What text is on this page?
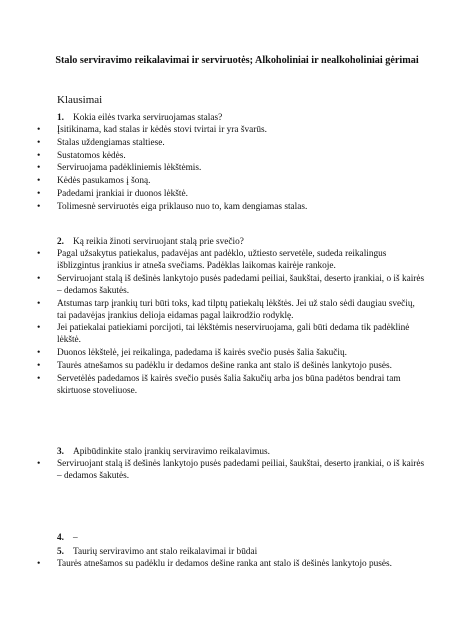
Stalo serviravimo reikalavimai ir serviruotės; Alkoholiniai ir nealkoholiniai gėrimai
Klausimai
1. Kokia eilės tvarka serviruojamas stalas?
• Įsitikinama, kad stalas ir kėdės stovi tvirtai ir yra švarūs.
• Stalas uždengiamas staltiese.
• Sustatomos kėdės.
• Serviruojama padėkliniemis lėkštėmis.
• Kėdės pasukamos į šoną.
• Padedami įrankiai ir duonos lėkštė.
• Tolimesnė serviruotės eiga priklauso nuo to, kam dengiamas stalas.
2. Ką reikia žinoti serviruojant stalą prie svečio?
• Pagal užsakytus patiekalus, padavėjas ant padėklo, užtiesto servetėle, sudeda reikalingus išblizgintus įrankius ir atneša svečiams. Padėklas laikomas kairėje rankoje.
• Serviruojant stalą iš dešinės lankytojo pusės padedami peiliai, šaukštai, deserto įrankiai, o iš kairės – dedamos šakutės.
• Atstumas tarp įrankių turi būti toks, kad tilptų patiekalų lėkštės. Jei už stalo sėdi daugiau svečių, tai padavėjas įrankius delioja eidamas pagal laikrodžio rodyklę.
• Jei patiekalai patiekiami porcijoti, tai lėkštėmis neserviruojama, gali būti dedama tik padėklinė lėkštė.
• Duonos lėkštelė, jei reikalinga, padedama iš kairės svečio pusės šalia šakučių.
• Taurės atnešamos su padėklu ir dedamos dešine ranka ant stalo iš dešinės lankytojo pusės.
• Servetėlės padedamos iš kairės svečio pusės šalia šakučių arba jos būna padėtos bendrai tam skirtuose stoveliuose.
3. Apibūdinkite stalo įrankių serviravimo reikalavimus.
• Serviruojant stalą iš dešinės lankytojo pusės padedami peiliai, šaukštai, deserto įrankiai, o iš kairės – dedamos šakutės.
4. –
5. Taurių serviravimo ant stalo reikalavimai ir būdai
• Taurės atnešamos su padėklu ir dedamos dešine ranka ant stalo iš dešinės lankytojo pusės.
